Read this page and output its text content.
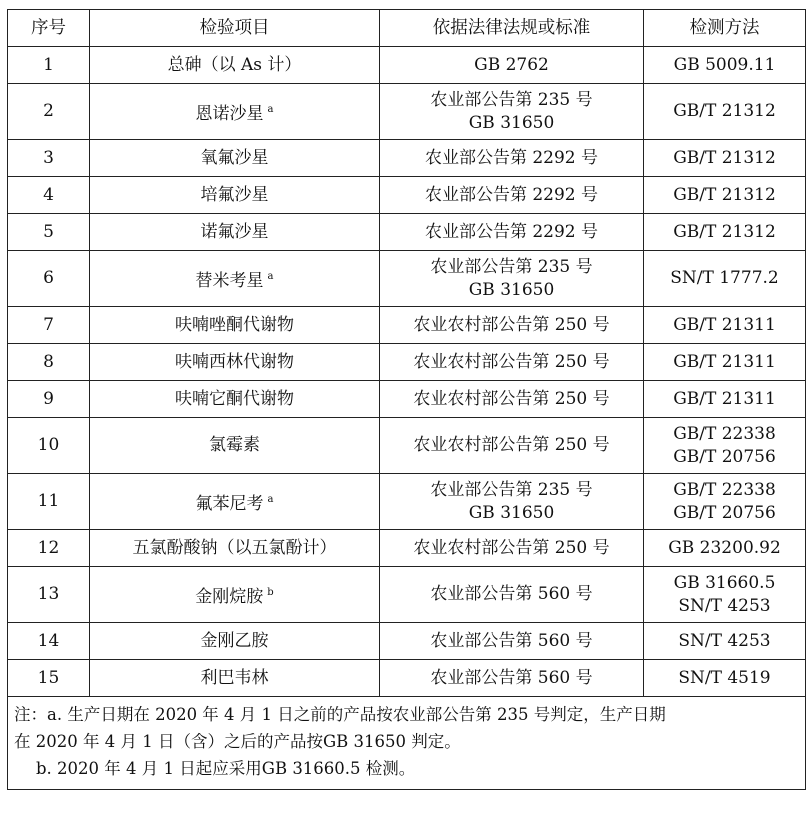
序号	检验项目	依据法律法规或标准	检测方法
1	总砷（以 As 计）	GB 2762	GB 5009.11

2	恩诺沙星 $^a$	农业部公告第 235 号
GB 31650	GB/T 21312

3	氧氟沙星	农业部公告第 2292 号	GB/T 21312

4	培氟沙星	农业部公告第 2292 号	GB/T 21312

5	诺氟沙星	农业部公告第 2292 号	GB/T 21312

6	替米考星 $^a$	农业部公告第 235 号
GB 31650	SN/T 1777.2

7	呋喃唑酮代谢物	农业农村部公告第 250 号	GB/T 21311

8	呋喃西林代谢物	农业农村部公告第 250 号	GB/T 21311

9	呋喃它酮代谢物	农业农村部公告第 250 号	GB/T 21311

10	氯霉素	农业农村部公告第 250 号	GB/T 22338
GB/T 20756

11	氟苯尼考 $^a$	农业部公告第 235 号
GB 31650	GB/T 22338
GB/T 20756

12	五氯酚酸钠（以五氯酚计）	农业农村部公告第 250 号	GB 23200.92

13	金刚烷胺 $^b$	农业部公告第 560 号	GB 31660.5
SN/T 4253

14	金刚乙胺	农业部公告第 560 号	SN/T 4253

15	利巴韦林	农业部公告第 560 号	SN/T 4519

注：a. 生产日期在 2020 年 4 月 1 日之前的产品按农业部公告第 235 号判定，生产日期
在 2020 年 4 月 1 日（含）之后的产品按GB 31650 判定。
b. 2020 年 4 月 1 日起应采用GB 31660.5 检测。			
